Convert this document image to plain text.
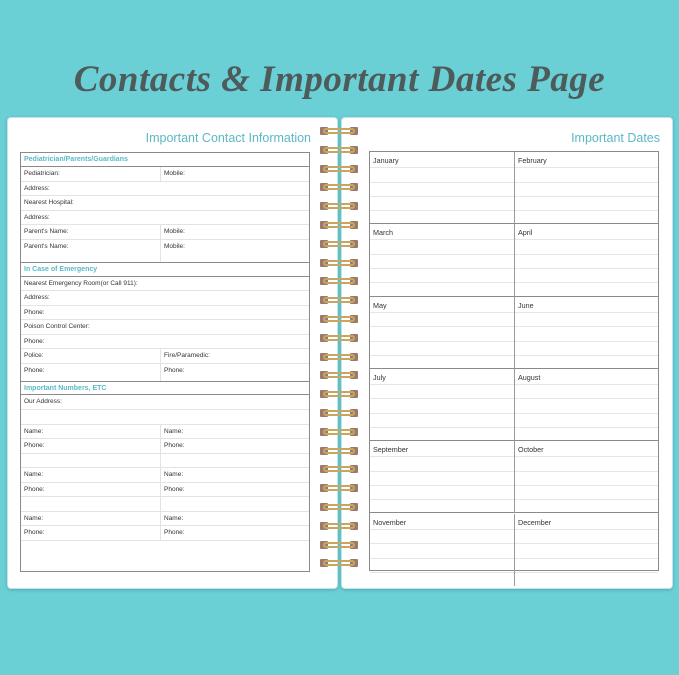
Contacts & Important Dates Page
Important Contact Information
Pediatrician/Parents/Guardians
Pediatrician:	Mobile:
Address:
Nearest Hospital:
Address:
Parent's Name:	Mobile:
Parent's Name:	Mobile:
In Case of Emergency
Nearest Emergency Room(or Call 911):
Address:
Phone:
Poison Control Center:
Phone:
Police:	Fire/Paramedic:
Phone:	Phone:
Important Numbers, ETC
Our Address:
Name:	Name:
Phone:	Phone:
Name:	Name:
Phone:	Phone:
Name:	Name:
Phone:	Phone:
Important Dates
January	February
March	April
May	June
July	August
September	October
November	December
